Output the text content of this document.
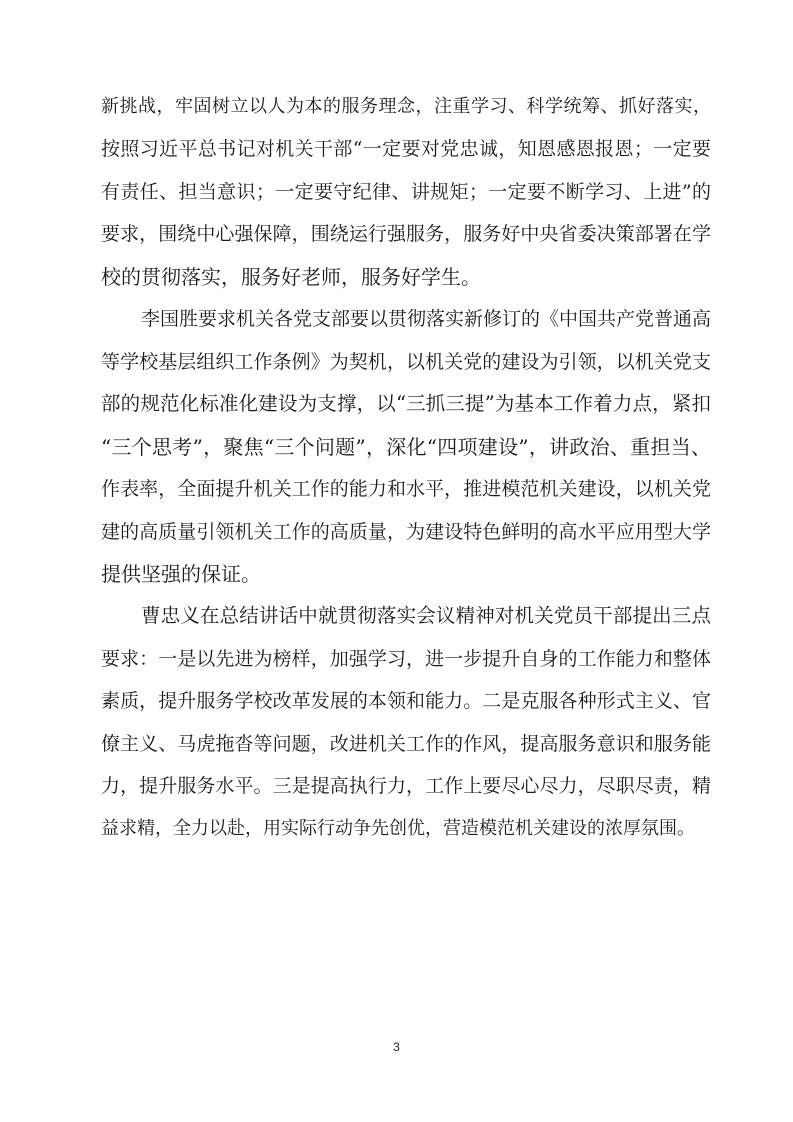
新挑战，牢固树立以人为本的服务理念，注重学习、科学统筹、抓好落实，
按照习近平总书记对机关干部“一定要对党忠诚，知恩感恩报恩；一定要
有责任、担当意识；一定要守纪律、讲规矩；一定要不断学习、上进”的
要求，围绕中心强保障，围绕运行强服务，服务好中央省委决策部署在学
校的贯彻落实，服务好老师，服务好学生。
李国胜要求机关各党支部要以贯彻落实新修订的《中国共产党普通高
等学校基层组织工作条例》为契机，以机关党的建设为引领，以机关党支
部的规范化标准化建设为支撑，以“三抓三提”为基本工作着力点，紧扣
“三个思考”，聚焦“三个问题”，深化“四项建设”，讲政治、重担当、
作表率，全面提升机关工作的能力和水平，推进模范机关建设，以机关党
建的高质量引领机关工作的高质量，为建设特色鲜明的高水平应用型大学
提供坚强的保证。
曹忠义在总结讲话中就贯彻落实会议精神对机关党员干部提出三点
要求：一是以先进为榜样，加强学习，进一步提升自身的工作能力和整体
素质，提升服务学校改革发展的本领和能力。二是克服各种形式主义、官
僚主义、马虎拖沓等问题，改进机关工作的作风，提高服务意识和服务能
力，提升服务水平。三是提高执行力，工作上要尽心尽力，尽职尽责，精
益求精，全力以赴，用实际行动争先创优，营造模范机关建设的浓厚氛围。
3
